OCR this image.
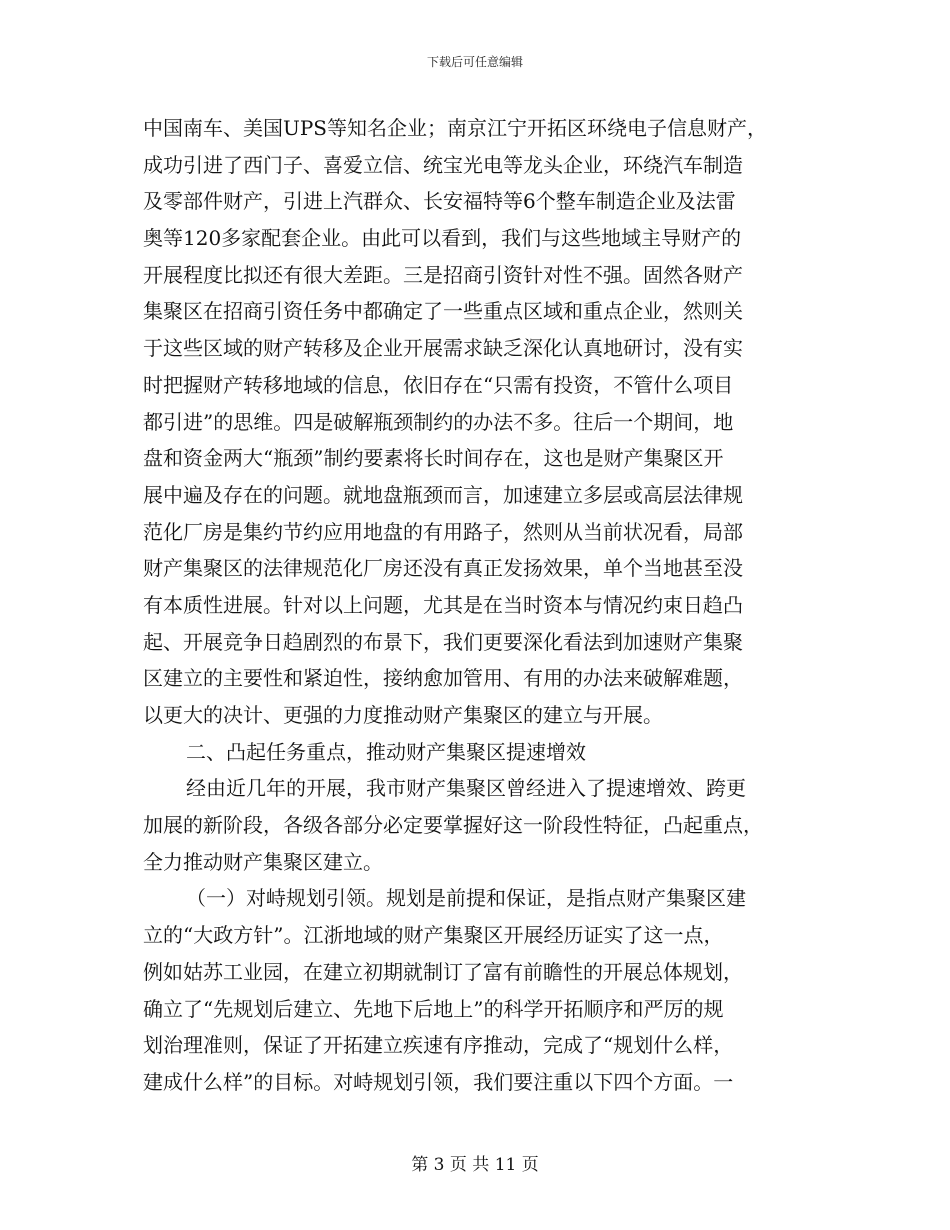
下载后可任意编辑
中国南车、美国UPS等知名企业；南京江宁开拓区环绕电子信息财产，
成功引进了西门子、喜爱立信、统宝光电等龙头企业，环绕汽车制造
及零部件财产，引进上汽群众、长安福特等6个整车制造企业及法雷
奥等120多家配套企业。由此可以看到，我们与这些地域主导财产的
开展程度比拟还有很大差距。三是招商引资针对性不强。固然各财产
集聚区在招商引资任务中都确定了一些重点区域和重点企业，然则关
于这些区域的财产转移及企业开展需求缺乏深化认真地研讨，没有实
时把握财产转移地域的信息，依旧存在“只需有投资，不管什么项目
都引进”的思维。四是破解瓶颈制约的办法不多。往后一个期间，地
盘和资金两大“瓶颈”制约要素将长时间存在，这也是财产集聚区开
展中遍及存在的问题。就地盘瓶颈而言，加速建立多层或高层法律规
范化厂房是集约节约应用地盘的有用路子，然则从当前状况看，局部
财产集聚区的法律规范化厂房还没有真正发扬效果，单个当地甚至没
有本质性进展。针对以上问题，尤其是在当时资本与情况约束日趋凸
起、开展竞争日趋剧烈的布景下，我们更要深化看法到加速财产集聚
区建立的主要性和紧迫性，接纳愈加管用、有用的办法来破解难题，
以更大的决计、更强的力度推动财产集聚区的建立与开展。
二、凸起任务重点，推动财产集聚区提速增效
经由近几年的开展，我市财产集聚区曾经进入了提速增效、跨更
加展的新阶段，各级各部分必定要掌握好这一阶段性特征，凸起重点，
全力推动财产集聚区建立。
（一）对峙规划引领。规划是前提和保证，是指点财产集聚区建
立的“大政方针”。江浙地域的财产集聚区开展经历证实了这一点，
例如姑苏工业园，在建立初期就制订了富有前瞻性的开展总体规划，
确立了“先规划后建立、先地下后地上”的科学开拓顺序和严厉的规
划治理准则，保证了开拓建立疾速有序推动，完成了“规划什么样，
建成什么样”的目标。对峙规划引领，我们要注重以下四个方面。一
第 3 页 共 11 页
